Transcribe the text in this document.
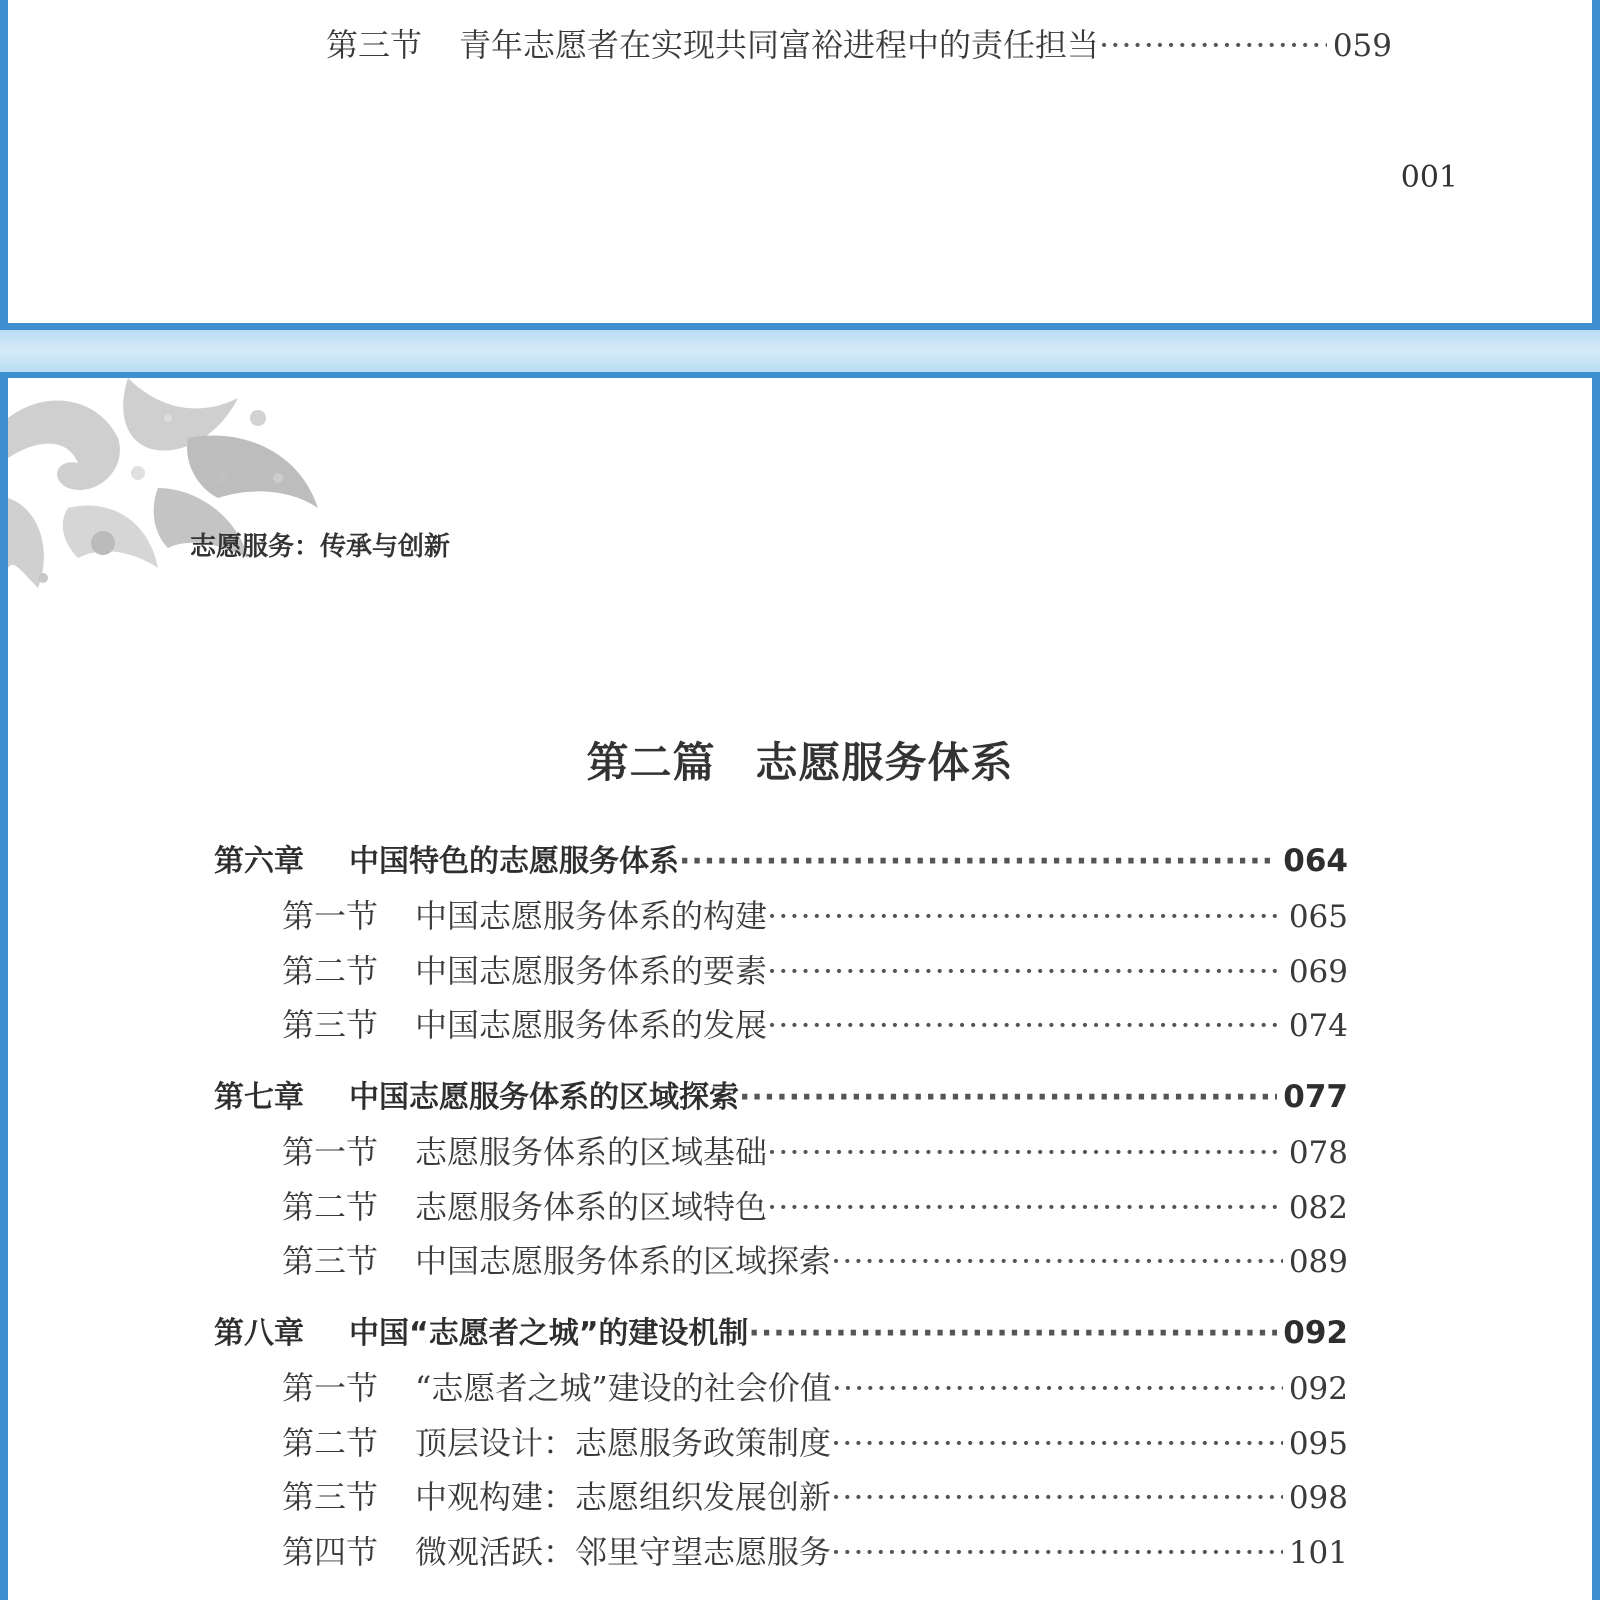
第三节	青年志愿者在实现共同富裕进程中的责任担当 ·····	059
001
志愿服务：传承与创新
第二篇 志愿服务体系
第六章	中国特色的志愿服务体系 ·····	064
第一节	中国志愿服务体系的构建 ·····	065
第二节	中国志愿服务体系的要素 ·····	069
第三节	中国志愿服务体系的发展 ·····	074
第七章	中国志愿服务体系的区域探索 ·····	077
第一节	志愿服务体系的区域基础 ·····	078
第二节	志愿服务体系的区域特色 ·····	082
第三节	中国志愿服务体系的区域探索 ·····	089
第八章	中国“志愿者之城”的建设机制 ·····	092
第一节	“志愿者之城”建设的社会价值 ·····	092
第二节	顶层设计：志愿服务政策制度 ·····	095
第三节	中观构建：志愿组织发展创新 ·····	098
第四节	微观活跃：邻里守望志愿服务 ·····	101
